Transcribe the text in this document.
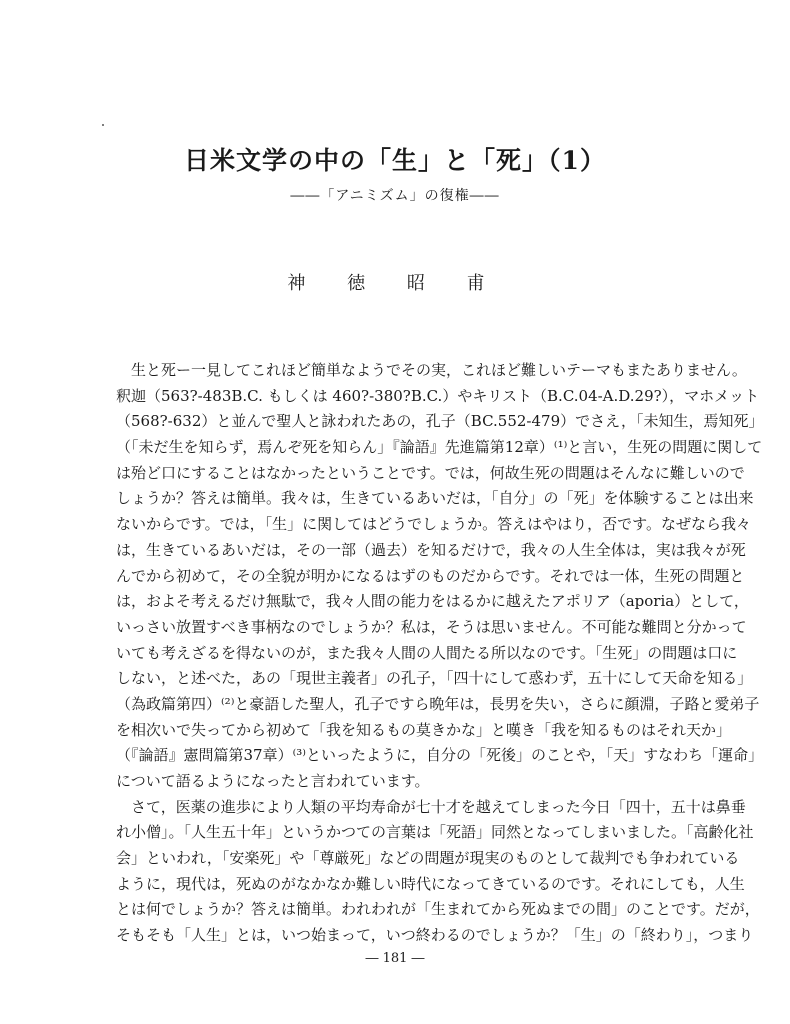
日米文学の中の「生」と「死」（1）
――「アニミズム」の復権――
神 徳 昭 甫
　生と死ー一見してこれほど簡単なようでその実，これほど難しいテーマもまたありません。
釈迦（563?-483B.C. もしくは 460?-380?B.C.）やキリスト（B.C.04-A.D.29?），マホメット
（568?-632）と並んで聖人と詠われたあの，孔子（BC.552-479）でさえ，「未知生，焉知死」
（「未だ生を知らず，焉んぞ死を知らん」『論語』先進篇第12章）⁽¹⁾と言い，生死の問題に関して
は殆ど口にすることはなかったということです。では，何故生死の問題はそんなに難しいので
しょうか？答えは簡単。我々は，生きているあいだは，「自分」の「死」を体験することは出来
ないからです。では，「生」に関してはどうでしょうか。答えはやはり，否です。なぜなら我々
は，生きているあいだは，その一部（過去）を知るだけで，我々の人生全体は，実は我々が死
んでから初めて，その全貌が明かになるはずのものだからです。それでは一体，生死の問題と
は，およそ考えるだけ無駄で，我々人間の能力をはるかに越えたアポリア（aporia）として，
いっさい放置すべき事柄なのでしょうか？私は，そうは思いません。不可能な難問と分かって
いても考えざるを得ないのが，また我々人間の人間たる所以なのです。「生死」の問題は口に
しない，と述べた，あの「現世主義者」の孔子，「四十にして惑わず，五十にして天命を知る」
（為政篇第四）⁽²⁾と豪語した聖人，孔子ですら晩年は，長男を失い，さらに顔淵，子路と愛弟子
を相次いで失ってから初めて「我を知るもの莫きかな」と嘆き「我を知るものはそれ天か」
（『論語』憲問篇第37章）⁽³⁾といったように，自分の「死後」のことや，「天」すなわち「運命」
について語るようになったと言われています。
　さて，医薬の進歩により人類の平均寿命が七十才を越えてしまった今日「四十，五十は鼻垂
れ小僧」。「人生五十年」というかつての言葉は「死語」同然となってしまいました。「高齢化社
会」といわれ，「安楽死」や「尊厳死」などの問題が現実のものとして裁判でも争われている
ように，現代は，死ぬのがなかなか難しい時代になってきているのです。それにしても，人生
とは何でしょうか？答えは簡単。われわれが「生まれてから死ぬまでの間」のことです。だが，
そもそも「人生」とは，いつ始まって，いつ終わるのでしょうか？「生」の「終わり」，つまり
― 181 ―
